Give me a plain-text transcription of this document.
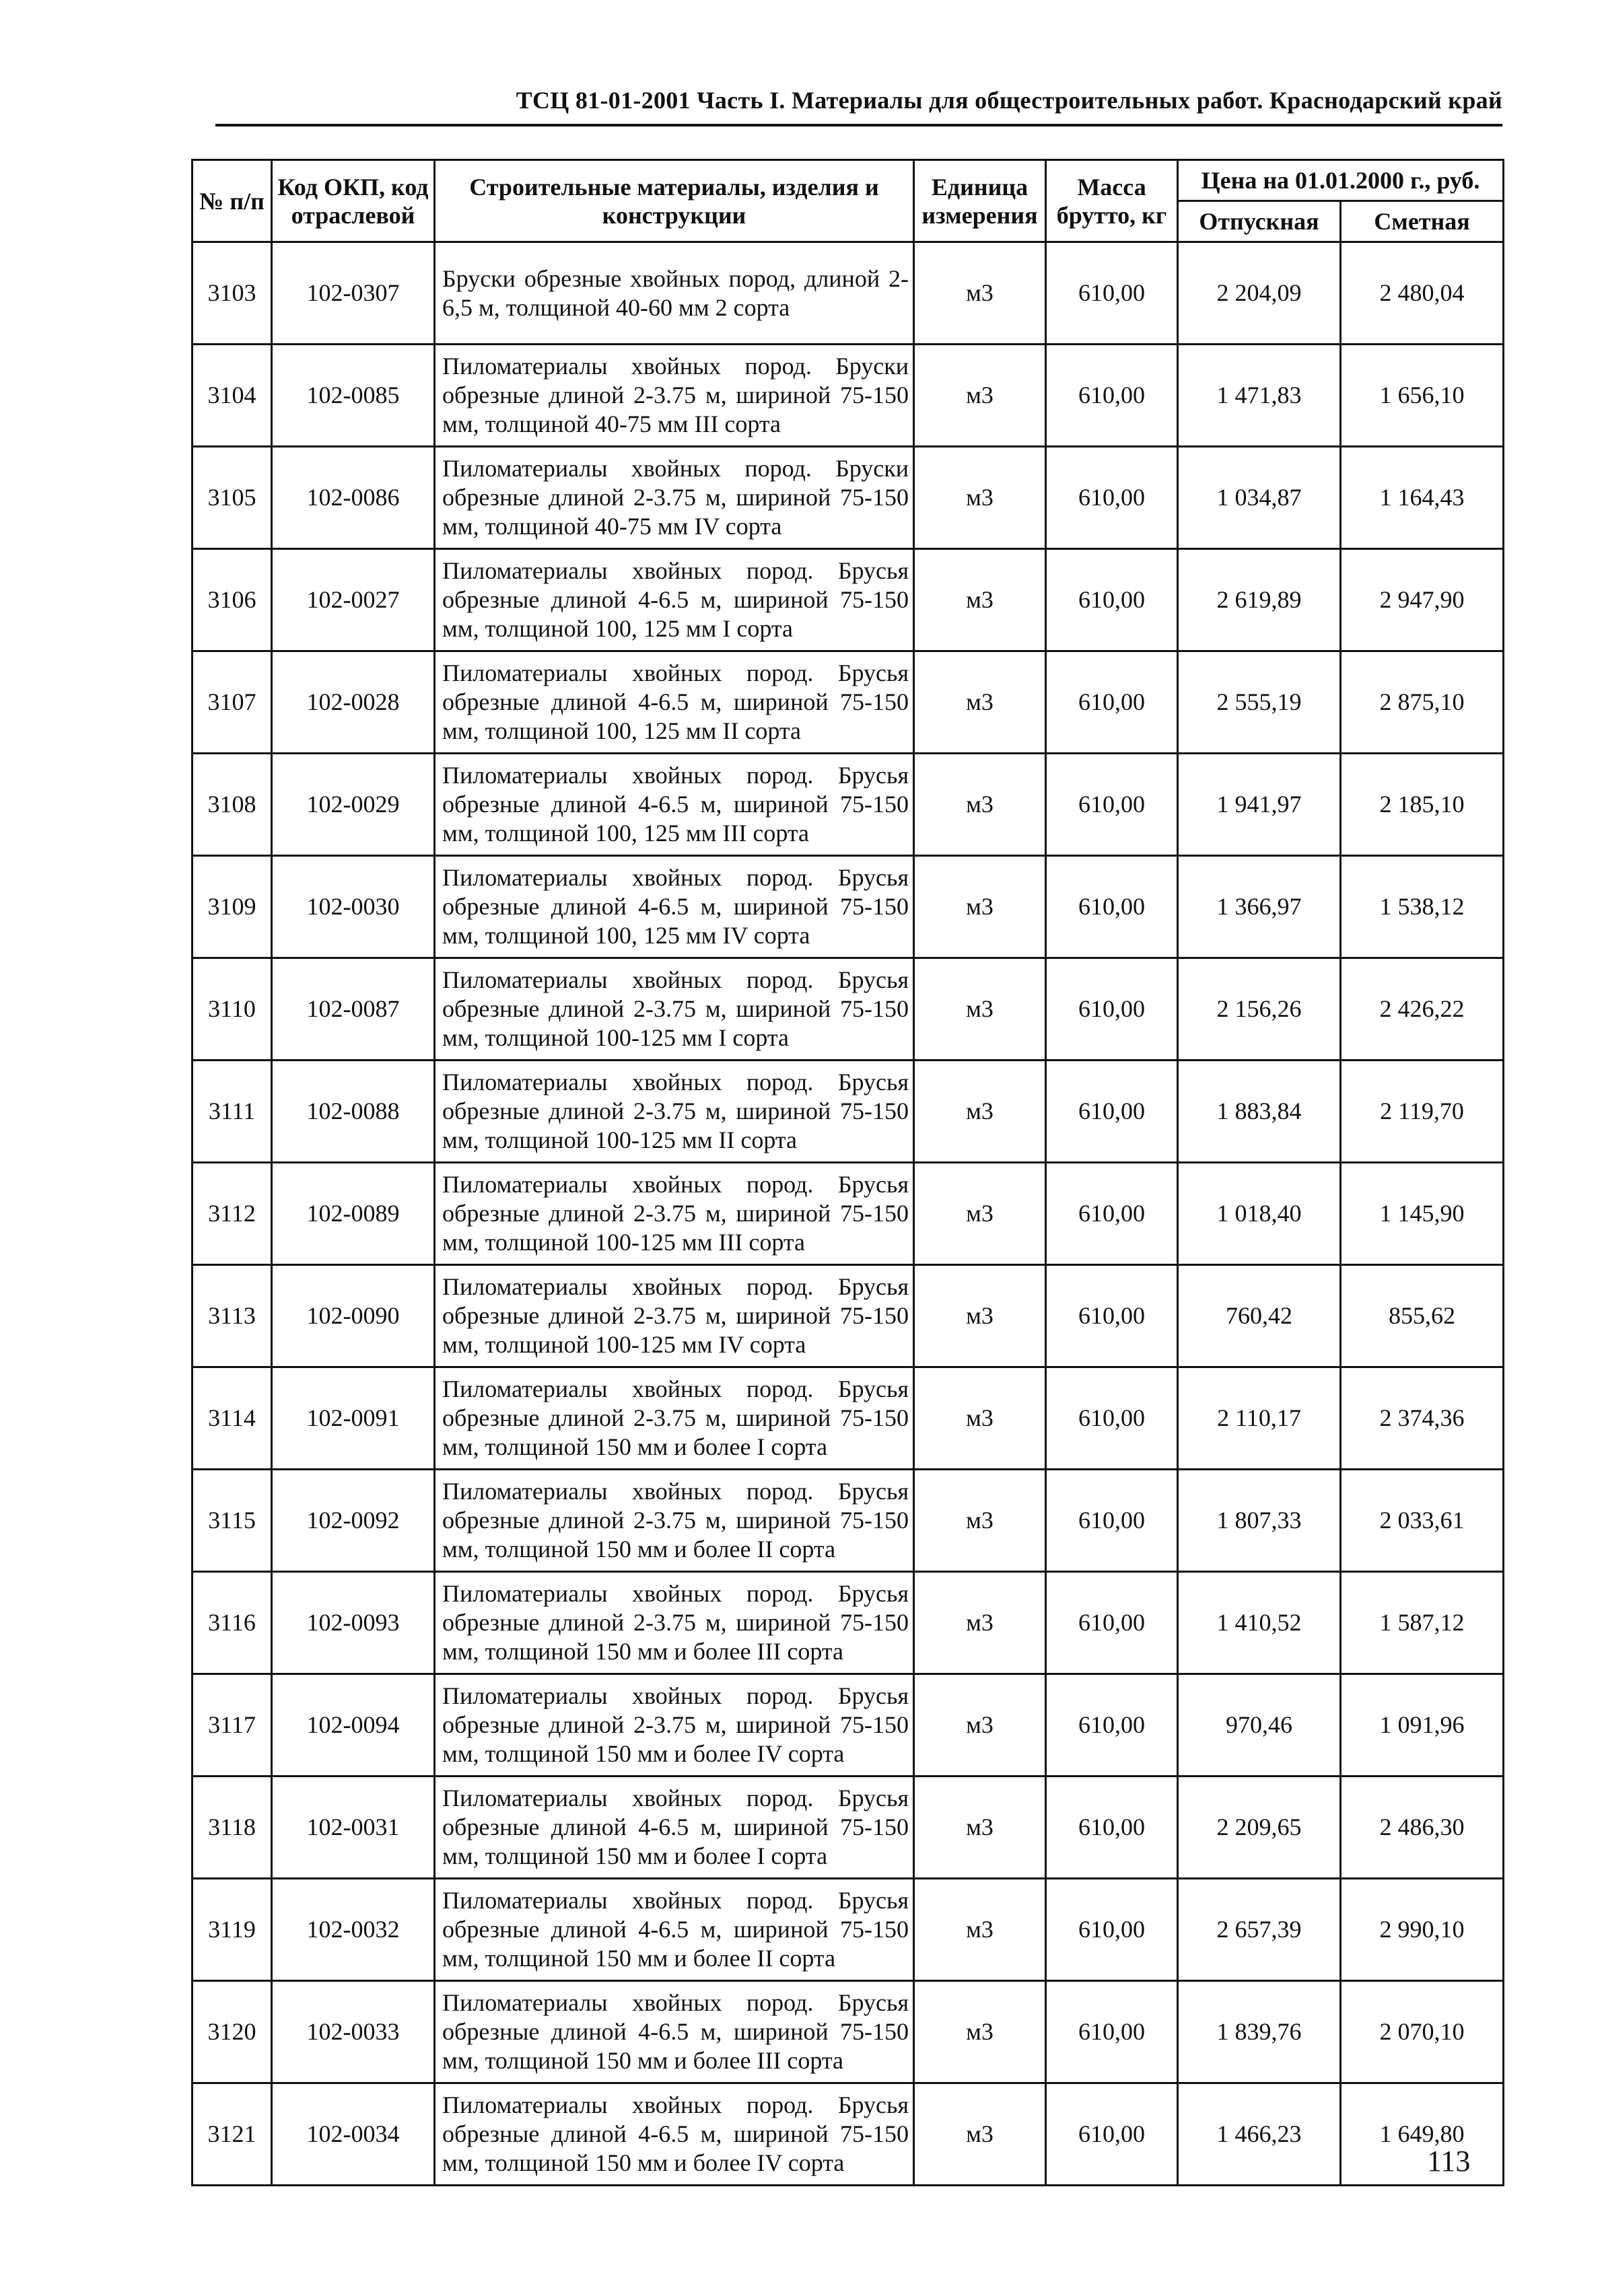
ТСЦ 81-01-2001 Часть I. Материалы для общестроительных работ. Краснодарский край
№ п/п	Код ОКП, код отраслевой	Строительные материалы, изделия и конструкции	Единица измерения	Масса брутто, кг	Цена на 01.01.2000 г., руб.	
					Отпускная	Сметная
3103	102-0307	Бруски обрезные хвойных пород, длиной 2-6,5 м, толщиной 40-60 мм 2 сорта	м3	610,00	2 204,09	2 480,04
3104	102-0085	Пиломатериалы хвойных пород. Бруски обрезные длиной 2-3.75 м, шириной 75-150 мм, толщиной 40-75 мм III сорта	м3	610,00	1 471,83	1 656,10
3105	102-0086	Пиломатериалы хвойных пород. Бруски обрезные длиной 2-3.75 м, шириной 75-150 мм, толщиной 40-75 мм IV сорта	м3	610,00	1 034,87	1 164,43
3106	102-0027	Пиломатериалы хвойных пород. Брусья обрезные длиной 4-6.5 м, шириной 75-150 мм, толщиной 100, 125 мм I сорта	м3	610,00	2 619,89	2 947,90
3107	102-0028	Пиломатериалы хвойных пород. Брусья обрезные длиной 4-6.5 м, шириной 75-150 мм, толщиной 100, 125 мм II сорта	м3	610,00	2 555,19	2 875,10
3108	102-0029	Пиломатериалы хвойных пород. Брусья обрезные длиной 4-6.5 м, шириной 75-150 мм, толщиной 100, 125 мм III сорта	м3	610,00	1 941,97	2 185,10
3109	102-0030	Пиломатериалы хвойных пород. Брусья обрезные длиной 4-6.5 м, шириной 75-150 мм, толщиной 100, 125 мм IV сорта	м3	610,00	1 366,97	1 538,12
3110	102-0087	Пиломатериалы хвойных пород. Брусья обрезные длиной 2-3.75 м, шириной 75-150 мм, толщиной 100-125 мм I сорта	м3	610,00	2 156,26	2 426,22
3111	102-0088	Пиломатериалы хвойных пород. Брусья обрезные длиной 2-3.75 м, шириной 75-150 мм, толщиной 100-125 мм II сорта	м3	610,00	1 883,84	2 119,70
3112	102-0089	Пиломатериалы хвойных пород. Брусья обрезные длиной 2-3.75 м, шириной 75-150 мм, толщиной 100-125 мм III сорта	м3	610,00	1 018,40	1 145,90
3113	102-0090	Пиломатериалы хвойных пород. Брусья обрезные длиной 2-3.75 м, шириной 75-150 мм, толщиной 100-125 мм IV сорта	м3	610,00	760,42	855,62
3114	102-0091	Пиломатериалы хвойных пород. Брусья обрезные длиной 2-3.75 м, шириной 75-150 мм, толщиной 150 мм и более I сорта	м3	610,00	2 110,17	2 374,36
3115	102-0092	Пиломатериалы хвойных пород. Брусья обрезные длиной 2-3.75 м, шириной 75-150 мм, толщиной 150 мм и более II сорта	м3	610,00	1 807,33	2 033,61
3116	102-0093	Пиломатериалы хвойных пород. Брусья обрезные длиной 2-3.75 м, шириной 75-150 мм, толщиной 150 мм и более III сорта	м3	610,00	1 410,52	1 587,12
3117	102-0094	Пиломатериалы хвойных пород. Брусья обрезные длиной 2-3.75 м, шириной 75-150 мм, толщиной 150 мм и более IV сорта	м3	610,00	970,46	1 091,96
3118	102-0031	Пиломатериалы хвойных пород. Брусья обрезные длиной 4-6.5 м, шириной 75-150 мм, толщиной 150 мм и более I сорта	м3	610,00	2 209,65	2 486,30
3119	102-0032	Пиломатериалы хвойных пород. Брусья обрезные длиной 4-6.5 м, шириной 75-150 мм, толщиной 150 мм и более II сорта	м3	610,00	2 657,39	2 990,10
3120	102-0033	Пиломатериалы хвойных пород. Брусья обрезные длиной 4-6.5 м, шириной 75-150 мм, толщиной 150 мм и более III сорта	м3	610,00	1 839,76	2 070,10
3121	102-0034	Пиломатериалы хвойных пород. Брусья обрезные длиной 4-6.5 м, шириной 75-150 мм, толщиной 150 мм и более IV сорта	м3	610,00	1 466,23	1 649,80
113
